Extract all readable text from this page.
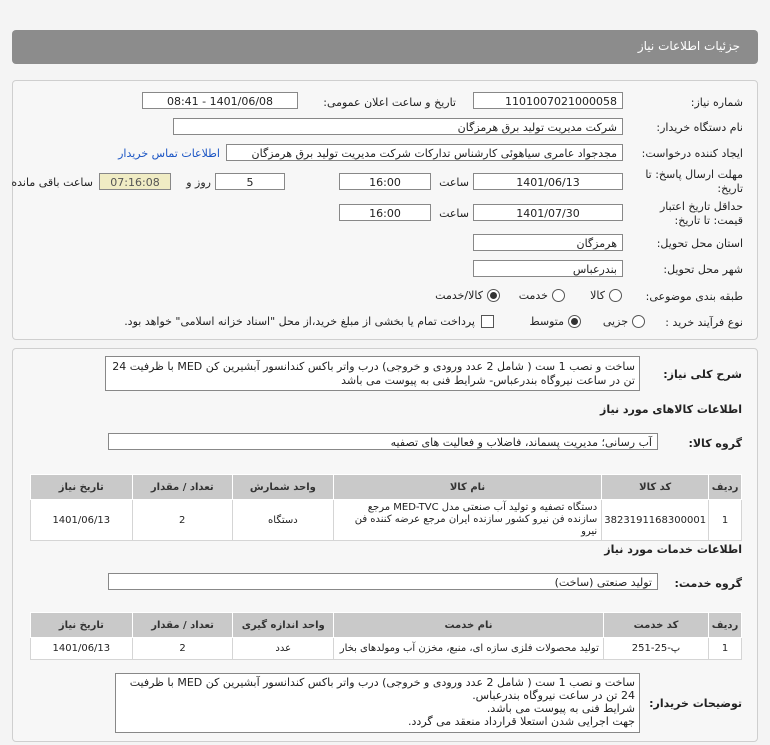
جزئیات اطلاعات نیاز
شماره نیاز:
1101007021000058
تاریخ و ساعت اعلان عمومی:
1401/06/08 - 08:41
نام دستگاه خریدار:
شرکت مدیریت تولید برق هرمزگان
ایجاد کننده درخواست:
مجدجواد عامری سیاهوئی کارشناس تدارکات شرکت مدیریت تولید برق هرمزگان
اطلاعات تماس خریدار
مهلت ارسال پاسخ: تا
تاریخ:
1401/06/13
ساعت
16:00
5
روز و
07:16:08
ساعت باقی مانده
حداقل تاریخ اعتبار
قیمت: تا تاریخ:
1401/07/30
ساعت
16:00
استان محل تحویل:
هرمزگان
شهر محل تحویل:
بندرعباس
طبقه بندی موضوعی:
کالا
خدمت
کالا/خدمت
نوع فرآیند خرید :
جزیی
متوسط
پرداخت تمام یا بخشی از مبلغ خرید،از محل "اسناد خزانه اسلامی" خواهد بود.
شرح کلی نیاز:
ساخت و نصب 1 ست ( شامل 2 عدد ورودی و خروجی) درب واتر باکس کندانسور آبشیرین کن MED با ظرفیت 24 تن در ساعت نیروگاه بندرعباس- شرایط فنی به پیوست می باشد
اطلاعات کالاهای مورد نیاز
گروه کالا:
آب رسانی؛ مدیریت پسماند، فاضلاب و فعالیت های تصفیه
ردیف	کد کالا	نام کالا	واحد شمارش	تعداد / مقدار	تاریخ نیاز
1	3823191168300001	دستگاه تصفیه و تولید آب صنعتی مدل MED-TVC مرجع سازنده فن نیرو کشور سازنده ایران مرجع عرضه کننده فن نیرو	دستگاه	2	1401/06/13
اطلاعات خدمات مورد نیاز
گروه خدمت:
تولید صنعتی (ساخت)
ردیف	کد خدمت	نام خدمت	واحد اندازه گیری	تعداد / مقدار	تاریخ نیاز
1	پ-25-251	تولید محصولات فلزی سازه ای، منبع، مخزن آب ومولدهای بخار	عدد	2	1401/06/13
توضیحات خریدار:
ساخت و نصب 1 ست ( شامل 2 عدد ورودی و خروجی) درب واتر باکس کندانسور آبشیرین کن MED با ظرفیت 24 تن در ساعت نیروگاه بندرعباس.
شرایط فنی به پیوست می باشد.
جهت اجرایی شدن استعلا قرارداد منعقد می گردد.
